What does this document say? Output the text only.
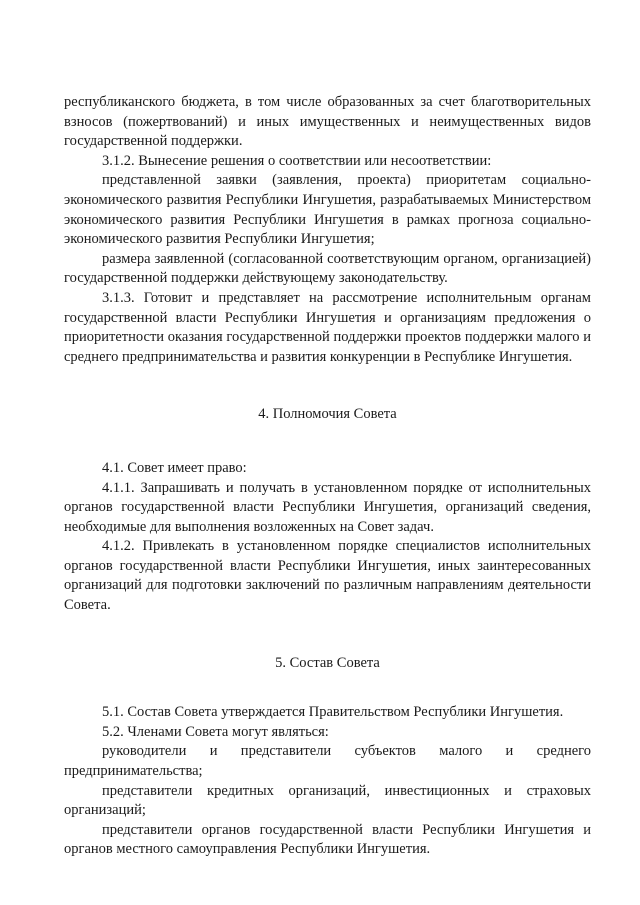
республиканского бюджета, в том числе образованных за счет благотворительных взносов (пожертвований) и иных имущественных и неимущественных видов государственной поддержки.

3.1.2. Вынесение решения о соответствии или несоответствии:

представленной заявки (заявления, проекта) приоритетам социально-экономического развития Республики Ингушетия, разрабатываемых Министерством экономического развития Республики Ингушетия в рамках прогноза социально-экономического развития Республики Ингушетия;

размера заявленной (согласованной соответствующим органом, организацией) государственной поддержки действующему законодательству.

3.1.3. Готовит и представляет на рассмотрение исполнительным органам государственной власти Республики Ингушетия и организациям предложения о приоритетности оказания государственной поддержки проектов поддержки малого и среднего предпринимательства и развития конкуренции в Республике Ингушетия.

4. Полномочия Совета

4.1. Совет имеет право:

4.1.1. Запрашивать и получать в установленном порядке от исполнительных органов государственной власти Республики Ингушетия, организаций сведения, необходимые для выполнения возложенных на Совет задач.

4.1.2. Привлекать в установленном порядке специалистов исполнительных органов государственной власти Республики Ингушетия, иных заинтересованных организаций для подготовки заключений по различным направлениям деятельности Совета.

5. Состав Совета

5.1. Состав Совета утверждается Правительством Республики Ингушетия.

5.2. Членами Совета могут являться:

руководители и представители субъектов малого и среднего предпринимательства;

представители кредитных организаций, инвестиционных и страховых организаций;

представители органов государственной власти Республики Ингушетия и органов местного самоуправления Республики Ингушетия.
